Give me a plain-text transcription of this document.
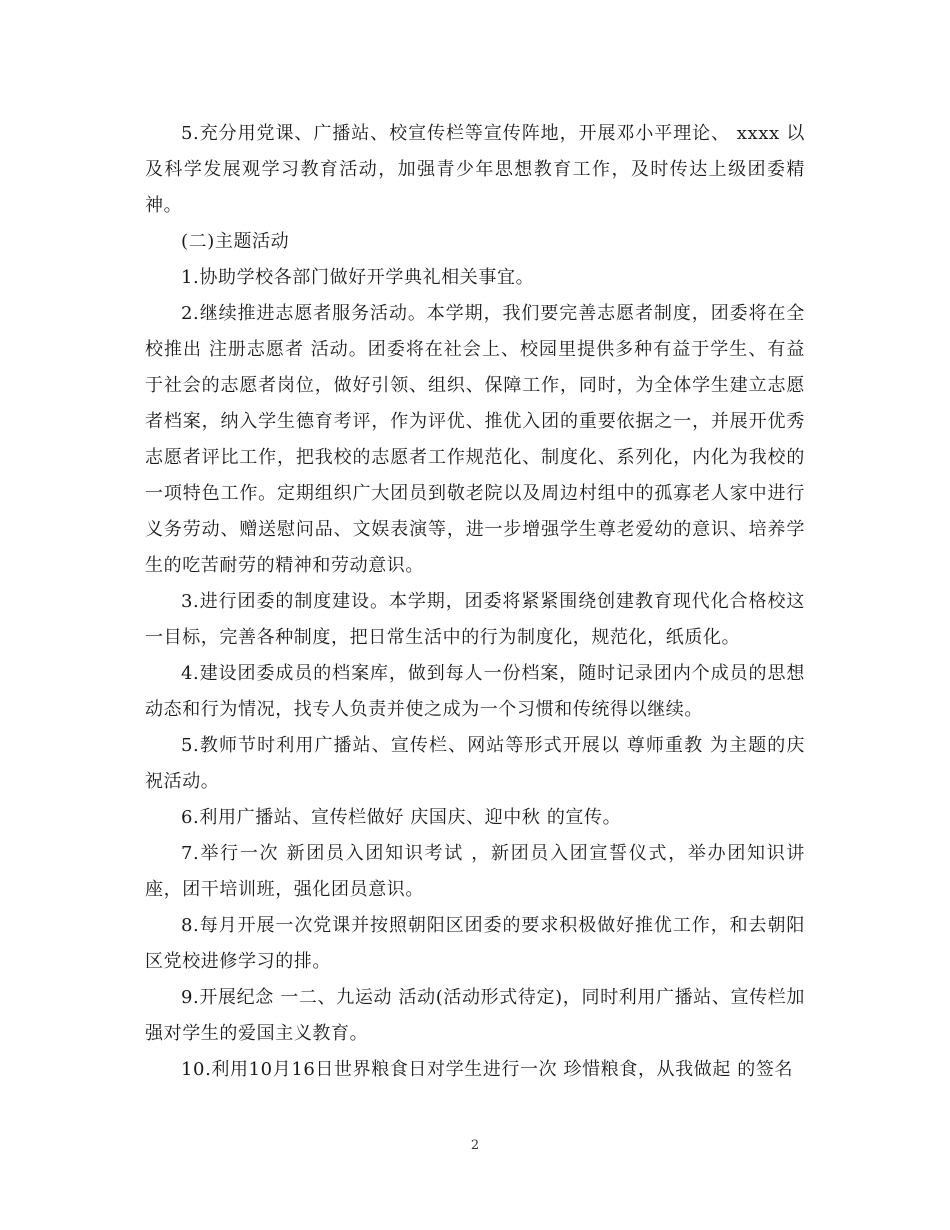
5.充分用党课、广播站、校宣传栏等宣传阵地，开展邓小平理论、 xxxx 以及科学发展观学习教育活动，加强青少年思想教育工作，及时传达上级团委精神。

(二)主题活动

1.协助学校各部门做好开学典礼相关事宜。

2.继续推进志愿者服务活动。本学期，我们要完善志愿者制度，团委将在全校推出 注册志愿者 活动。团委将在社会上、校园里提供多种有益于学生、有益于社会的志愿者岗位，做好引领、组织、保障工作，同时，为全体学生建立志愿者档案，纳入学生德育考评，作为评优、推优入团的重要依据之一，并展开优秀志愿者评比工作，把我校的志愿者工作规范化、制度化、系列化，内化为我校的一项特色工作。定期组织广大团员到敬老院以及周边村组中的孤寡老人家中进行义务劳动、赠送慰问品、文娱表演等，进一步增强学生尊老爱幼的意识、培养学生的吃苦耐劳的精神和劳动意识。

3.进行团委的制度建设。本学期，团委将紧紧围绕创建教育现代化合格校这一目标，完善各种制度，把日常生活中的行为制度化，规范化，纸质化。

4.建设团委成员的档案库，做到每人一份档案，随时记录团内个成员的思想动态和行为情况，找专人负责并使之成为一个习惯和传统得以继续。

5.教师节时利用广播站、宣传栏、网站等形式开展以 尊师重教 为主题的庆祝活动。

6.利用广播站、宣传栏做好 庆国庆、迎中秋 的宣传。

7.举行一次 新团员入团知识考试 ，新团员入团宣誓仪式，举办团知识讲座，团干培训班，强化团员意识。

8.每月开展一次党课并按照朝阳区团委的要求积极做好推优工作，和去朝阳区党校进修学习的排。

9.开展纪念 一二、九运动 活动(活动形式待定)，同时利用广播站、宣传栏加强对学生的爱国主义教育。

10.利用10月16日世界粮食日对学生进行一次 珍惜粮食，从我做起 的签名

2
